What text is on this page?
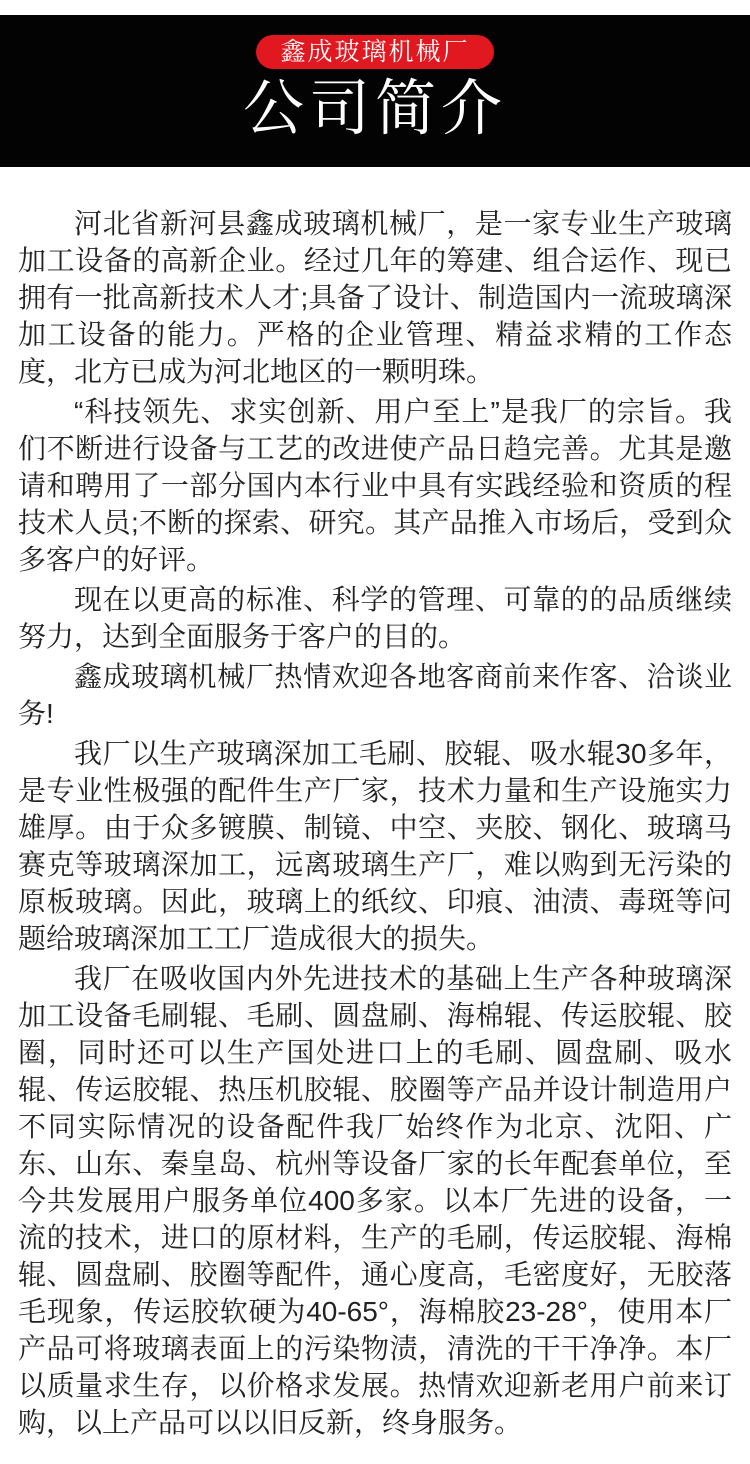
鑫成玻璃机械厂
公司简介

河北省新河县鑫成玻璃机械厂，是一家专业生产玻璃加工设备的高新企业。经过几年的筹建、组合运作、现已拥有一批高新技术人才;具备了设计、制造国内一流玻璃深加工设备的能力。严格的企业管理、精益求精的工作态度，北方已成为河北地区的一颗明珠。

“科技领先、求实创新、用户至上”是我厂的宗旨。我们不断进行设备与工艺的改进使产品日趋完善。尤其是邀请和聘用了一部分国内本行业中具有实践经验和资质的程技术人员;不断的探索、研究。其产品推入市场后，受到众多客户的好评。

现在以更高的标准、科学的管理、可靠的的品质继续努力，达到全面服务于客户的目的。

鑫成玻璃机械厂热情欢迎各地客商前来作客、洽谈业务!

我厂以生产玻璃深加工毛刷、胶辊、吸水辊30多年，是专业性极强的配件生产厂家，技术力量和生产设施实力雄厚。由于众多镀膜、制镜、中空、夹胶、钢化、玻璃马赛克等玻璃深加工，远离玻璃生产厂，难以购到无污染的原板玻璃。因此，玻璃上的纸纹、印痕、油渍、毒斑等问题给玻璃深加工工厂造成很大的损失。

我厂在吸收国内外先进技术的基础上生产各种玻璃深加工设备毛刷辊、毛刷、圆盘刷、海棉辊、传运胶辊、胶圈，同时还可以生产国处进口上的毛刷、圆盘刷、吸水辊、传运胶辊、热压机胶辊、胶圈等产品并设计制造用户不同实际情况的设备配件我厂始终作为北京、沈阳、广东、山东、秦皇岛、杭州等设备厂家的长年配套单位，至今共发展用户服务单位400多家。以本厂先进的设备，一流的技术，进口的原材料，生产的毛刷，传运胶辊、海棉辊、圆盘刷、胶圈等配件，通心度高，毛密度好，无胶落毛现象，传运胶软硬为40-65°，海棉胶23-28°，使用本厂产品可将玻璃表面上的污染物渍，清洗的干干净净。本厂以质量求生存，以价格求发展。热情欢迎新老用户前来订购，以上产品可以以旧反新，终身服务。
